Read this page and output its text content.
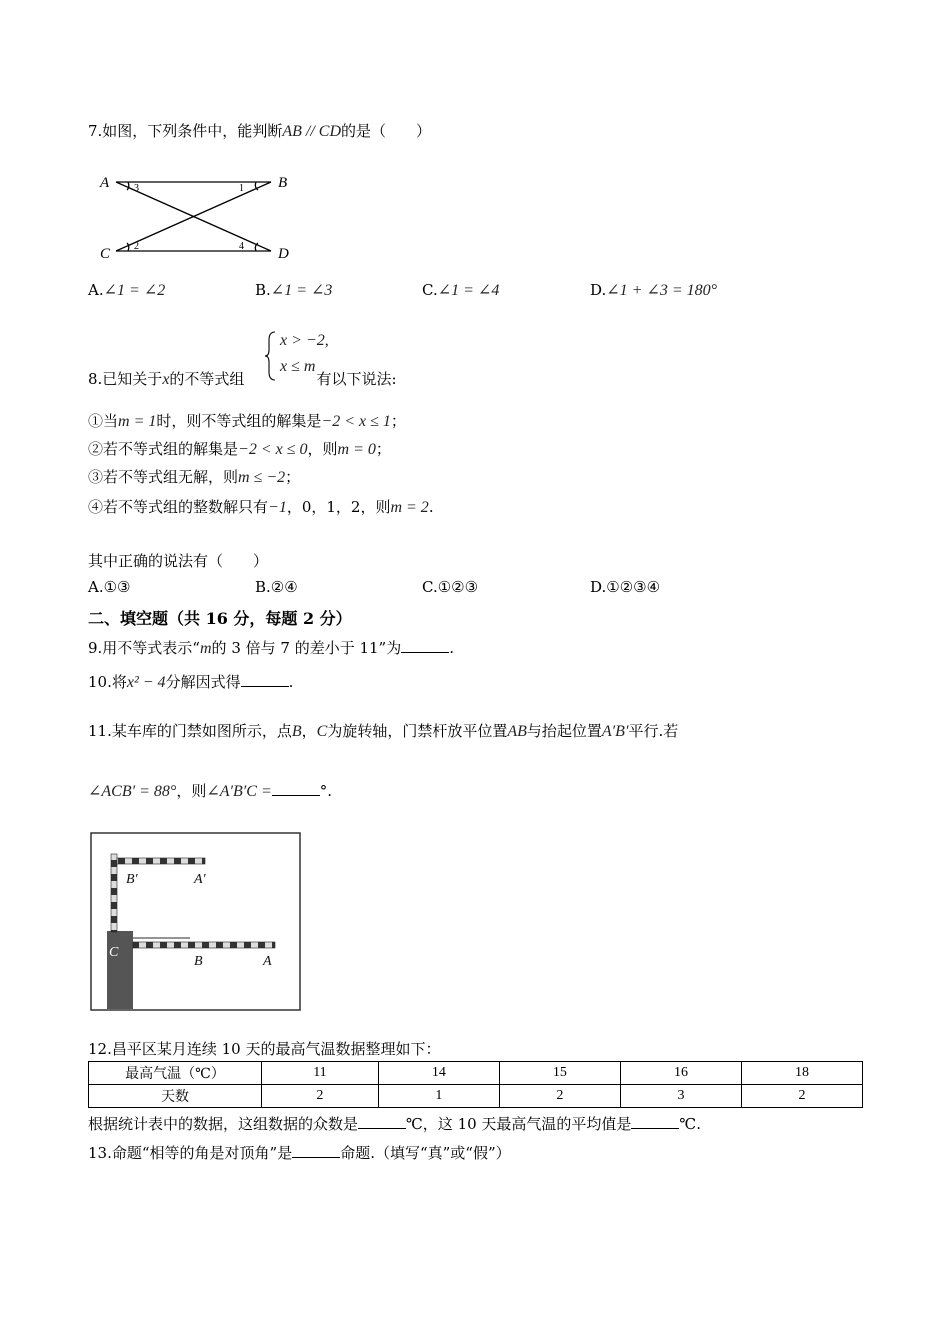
7.如图，下列条件中，能判断AB // CD的是（　　）
A	B
C	D
3	1
2	4
A.∠1 = ∠2	B.∠1 = ∠3	C.∠1 = ∠4	D.∠1 + ∠3 = 180°
x > −2,
x ≤ m
8.已知关于x的不等式组	有以下说法:
①当m = 1时，则不等式组的解集是−2 < x ≤ 1；
②若不等式组的解集是−2 < x ≤ 0，则m = 0；
③若不等式组无解，则m ≤ −2；
④若不等式组的整数解只有−1，0，1，2，则m = 2.
其中正确的说法有（　　）
A.①③	B.②④	C.①②③	D.①②③④
二、填空题（共 16 分，每题 2 分）
9.用不等式表示“m的 3 倍与 7 的差小于 11”为	.
10.将x² − 4分解因式得	.
11.某车库的门禁如图所示，点B，C为旋转轴，门禁杆放平位置AB与抬起位置A′B′平行.若
∠ACB′ = 88°，则∠A′B′C =	°.
B′	A′
C
B	A
12.昌平区某月连续 10 天的最高气温数据整理如下：
最高气温（℃）	11	14	15	16	18
天数	2	1	2	3	2
根据统计表中的数据，这组数据的众数是	℃，这 10 天最高气温的平均值是	℃.
13.命题“相等的角是对顶角”是	命题.（填写“真”或“假”）
